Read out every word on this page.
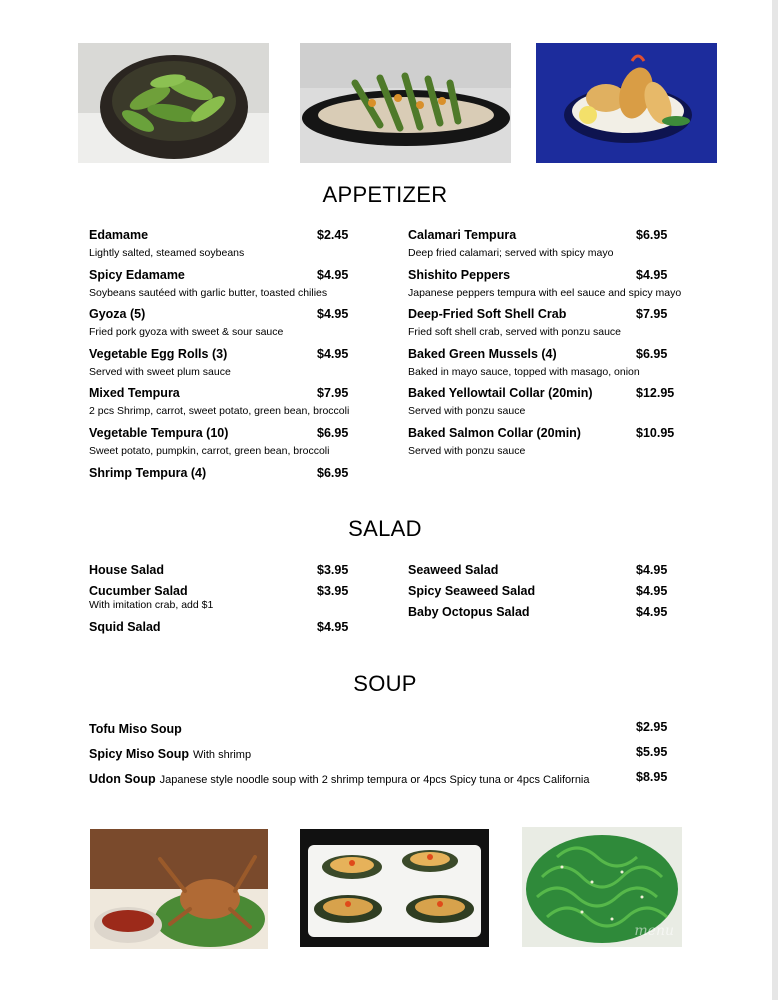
APPETIZER
Edamame	$2.45
Lightly salted, steamed soybeans
Spicy Edamame	$4.95
Soybeans sautéed with garlic butter, toasted chilies
Gyoza (5)	$4.95
Fried pork gyoza with sweet & sour sauce
Vegetable Egg Rolls (3)	$4.95
Served with sweet plum sauce
Mixed Tempura	$7.95
2 pcs Shrimp, carrot, sweet potato, green bean, broccoli
Vegetable Tempura (10)	$6.95
Sweet potato, pumpkin, carrot, green bean, broccoli
Shrimp Tempura (4)	$6.95
Calamari Tempura	$6.95
Deep fried calamari; served with spicy mayo
Shishito Peppers	$4.95
Japanese peppers tempura with eel sauce and spicy mayo
Deep-Fried Soft Shell Crab	$7.95
Fried soft shell crab, served with ponzu sauce
Baked Green Mussels (4)	$6.95
Baked in mayo sauce, topped with masago, onion
Baked Yellowtail Collar (20min)	$12.95
Served with ponzu sauce
Baked Salmon Collar (20min)	$10.95
Served with ponzu sauce
SALAD
House Salad	$3.95
Cucumber Salad	$3.95
With imitation crab, add $1
Squid Salad	$4.95
Seaweed Salad	$4.95
Spicy Seaweed Salad	$4.95
Baby Octopus Salad	$4.95
SOUP
Tofu Miso Soup	$2.95
Spicy Miso Soup With shrimp	$5.95
Udon Soup Japanese style noodle soup with 2 shrimp tempura or 4pcs Spicy tuna or 4pcs California	$8.95
menu
